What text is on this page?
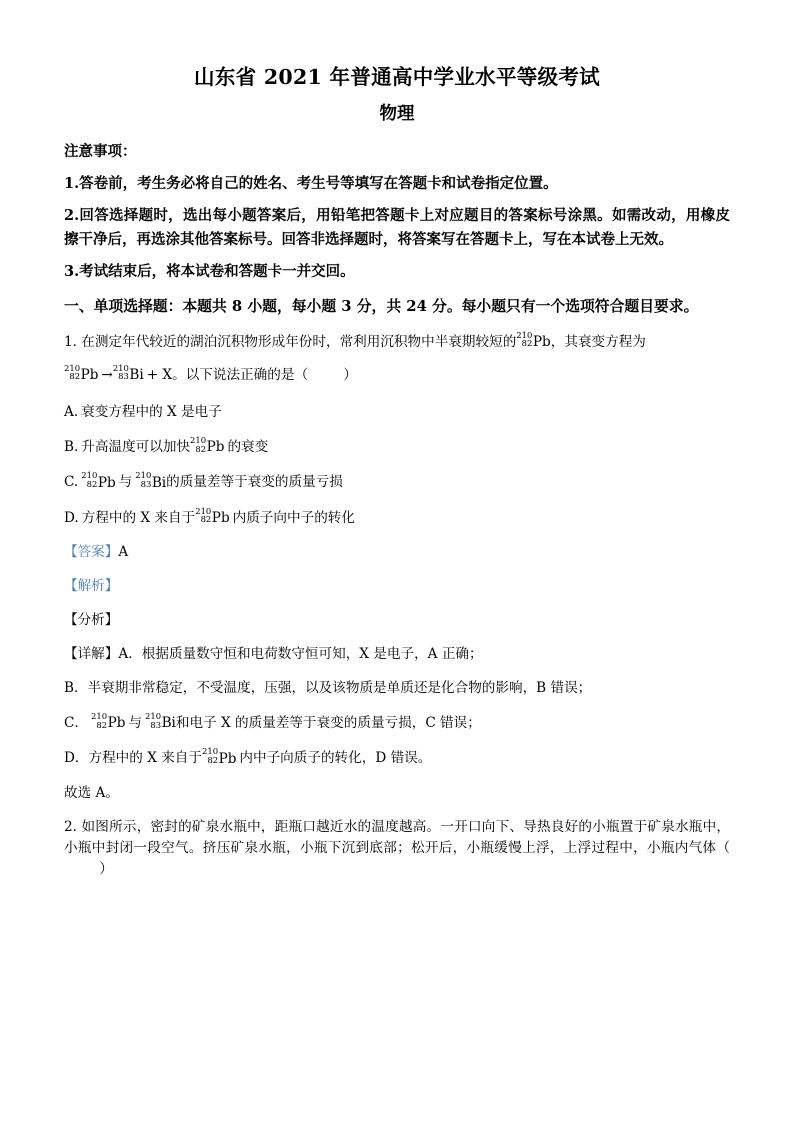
山东省 2021 年普通高中学业水平等级考试
物理

注意事项：

1.答卷前，考生务必将自己的姓名、考生号等填写在答题卡和试卷指定位置。

2.回答选择题时，选出每小题答案后，用铅笔把答题卡上对应题目的答案标号涂黑。如需改动，用橡皮擦干净后，再选涂其他答案标号。回答非选择题时，将答案写在答题卡上，写在本试卷上无效。

3.考试结束后，将本试卷和答题卡一并交回。

一、单项选择题：本题共 8 小题，每小题 3 分，共 24 分。每小题只有一个选项符合题目要求。

1. 在测定年代较近的湖泊沉积物形成年份时，常利用沉积物中半衰期较短的 210
82 Pb，其衰变方程为

210
82 Pb → 210
83 Bi + X。以下说法正确的是（	）

A. 衰变方程中的 X 是电子

B. 升高温度可以加快 210
82 Pb 的衰变

C. 210
82 Pb 与 210
83 Bi的质量差等于衰变的质量亏损

D. 方程中的 X 来自于 210
82 Pb 内质子向中子的转化

【答案】A

【解析】

【分析】

【详解】A．根据质量数守恒和电荷数守恒可知，X 是电子，A 正确；

B．半衰期非常稳定，不受温度，压强，以及该物质是单质还是化合物的影响，B 错误；

C． 210
82 Pb 与 210
83 Bi和电子 X 的质量差等于衰变的质量亏损，C 错误；

D．方程中的 X 来自于 210
82 Pb 内中子向质子的转化，D 错误。

故选 A。

2. 如图所示，密封的矿泉水瓶中，距瓶口越近水的温度越高。一开口向下、导热良好的小瓶置于矿泉水瓶中，小瓶中封闭一段空气。挤压矿泉水瓶，小瓶下沉到底部；松开后，小瓶缓慢上浮，上浮过程中，小瓶内气体（）
